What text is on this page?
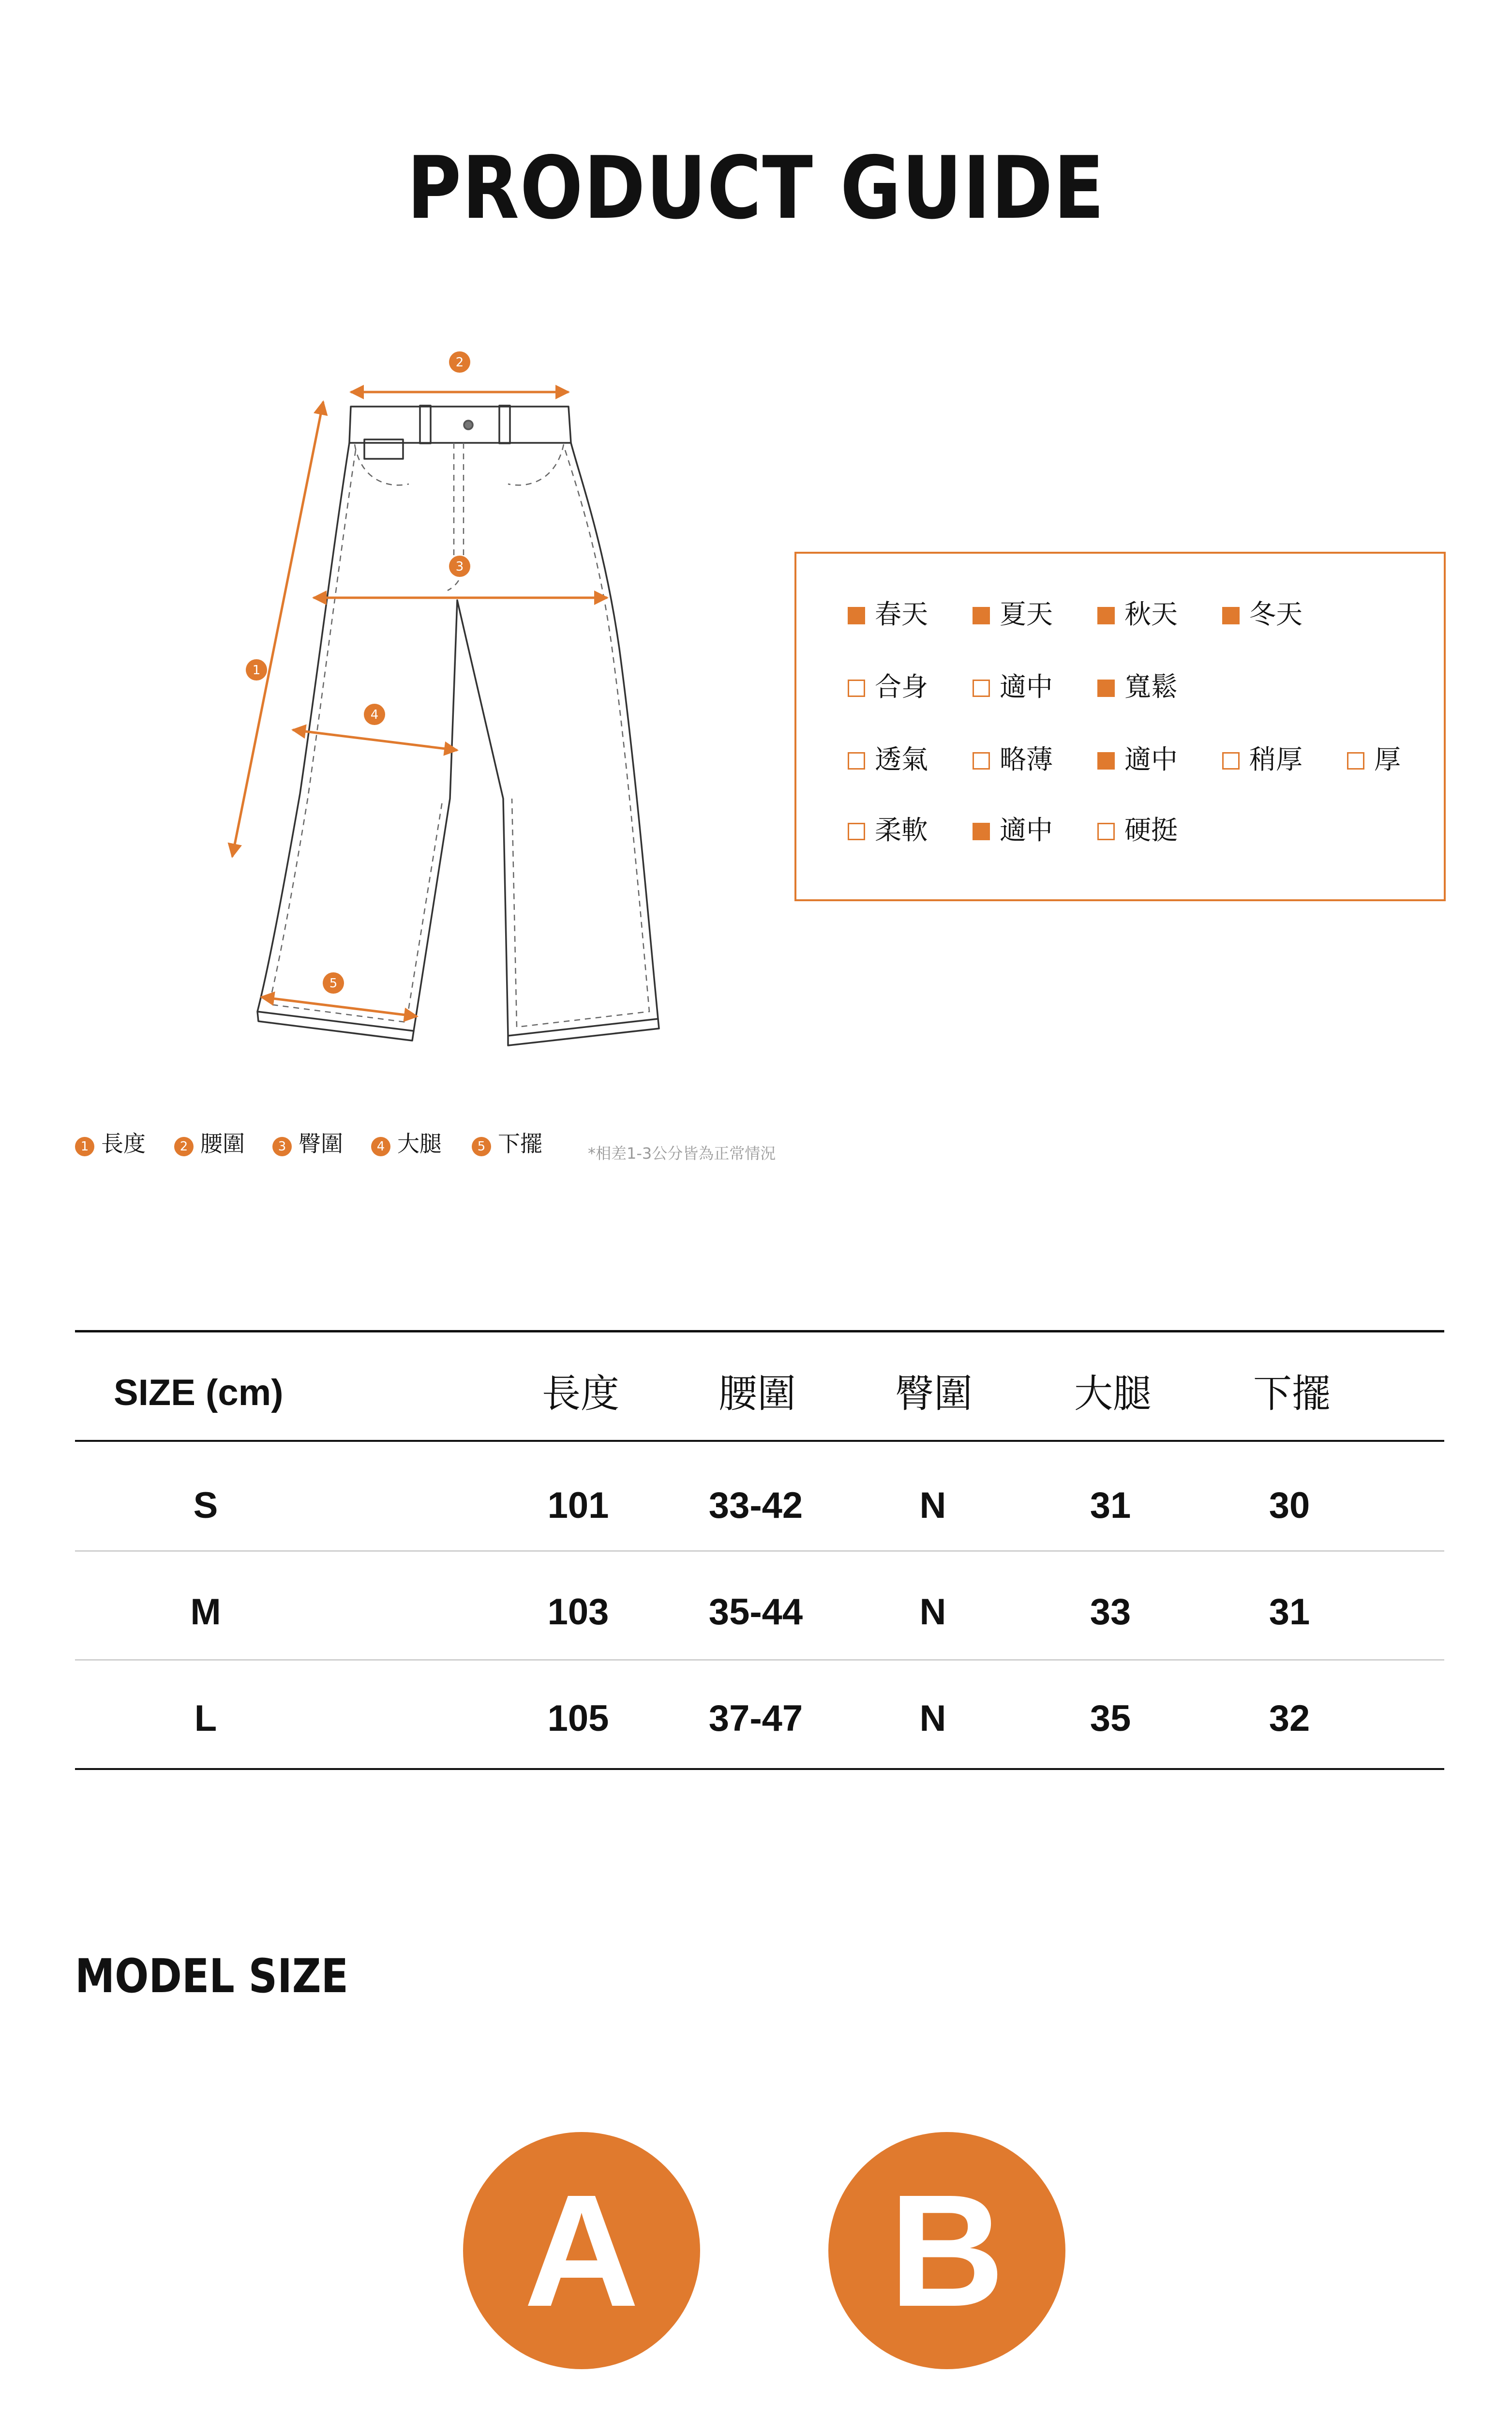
PRODUCT GUIDE
1
2
3
4
5
春天	夏天	秋天	冬天
合身	適中	寬鬆
透氣	略薄	適中	稍厚	厚
柔軟	適中	硬挺
1 長度	2 腰圍	3 臀圍	4 大腿	5 下擺	*相差1-3公分皆為正常情況
SIZE (cm)	長度	腰圍	臀圍	大腿	下擺
S	101	33-42	N	31	30
M	103	35-44	N	33	31
L	105	37-47	N	35	32
MODEL SIZE
A	B
